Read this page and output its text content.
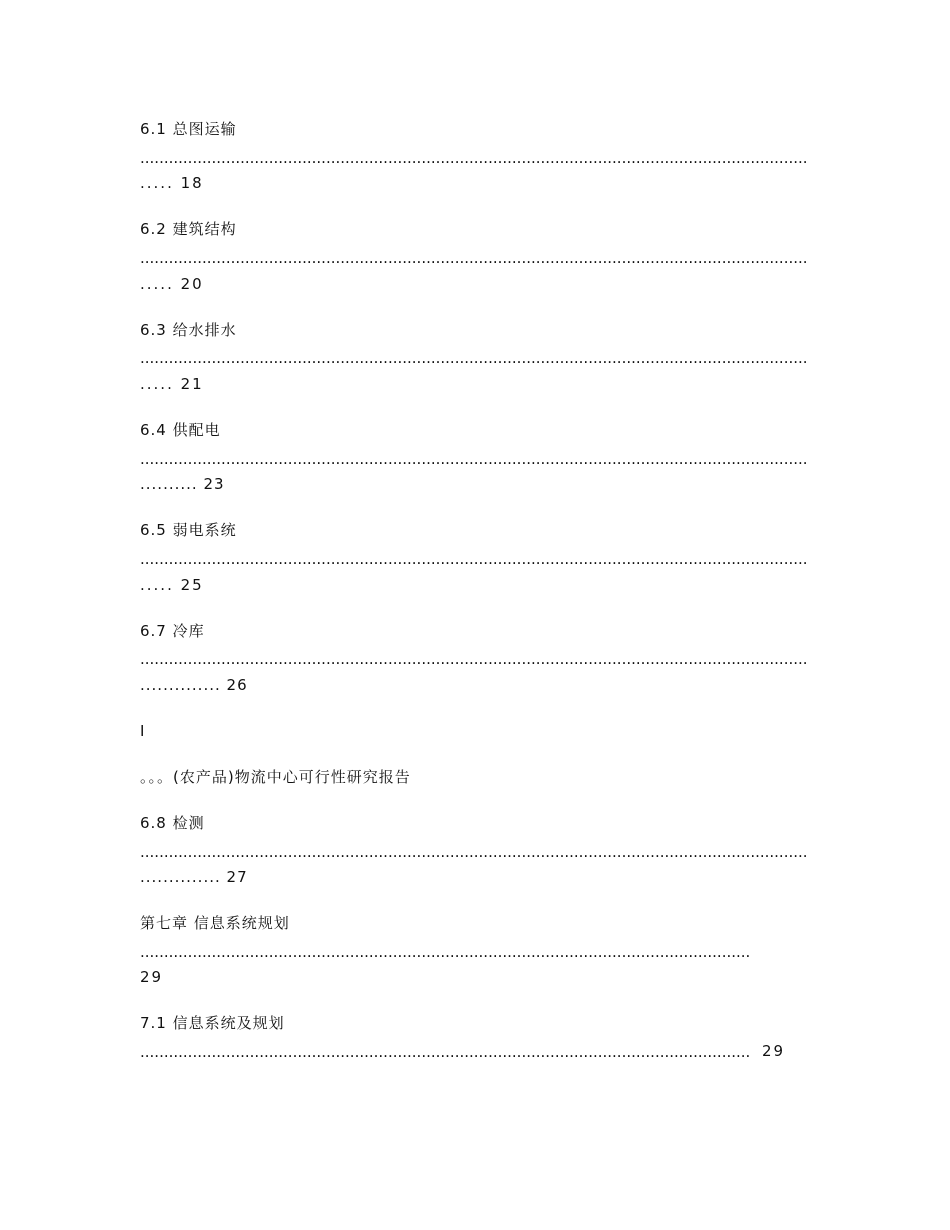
6.1 总图运输
............................................................................................................................................
..... 18
6.2 建筑结构
............................................................................................................................................
..... 20
6.3 给水排水
............................................................................................................................................
..... 21
6.4 供配电
............................................................................................................................................
.......... 23
6.5 弱电系统
............................................................................................................................................
..... 25
6.7 冷库
............................................................................................................................................
.............. 26
I
。。。(农产品)物流中心可行性研究报告
6.8 检测
............................................................................................................................................
.............. 27
第七章 信息系统规划
................................................................................................................................
29
7.1 信息系统及规划
................................................................................................................................ 29
